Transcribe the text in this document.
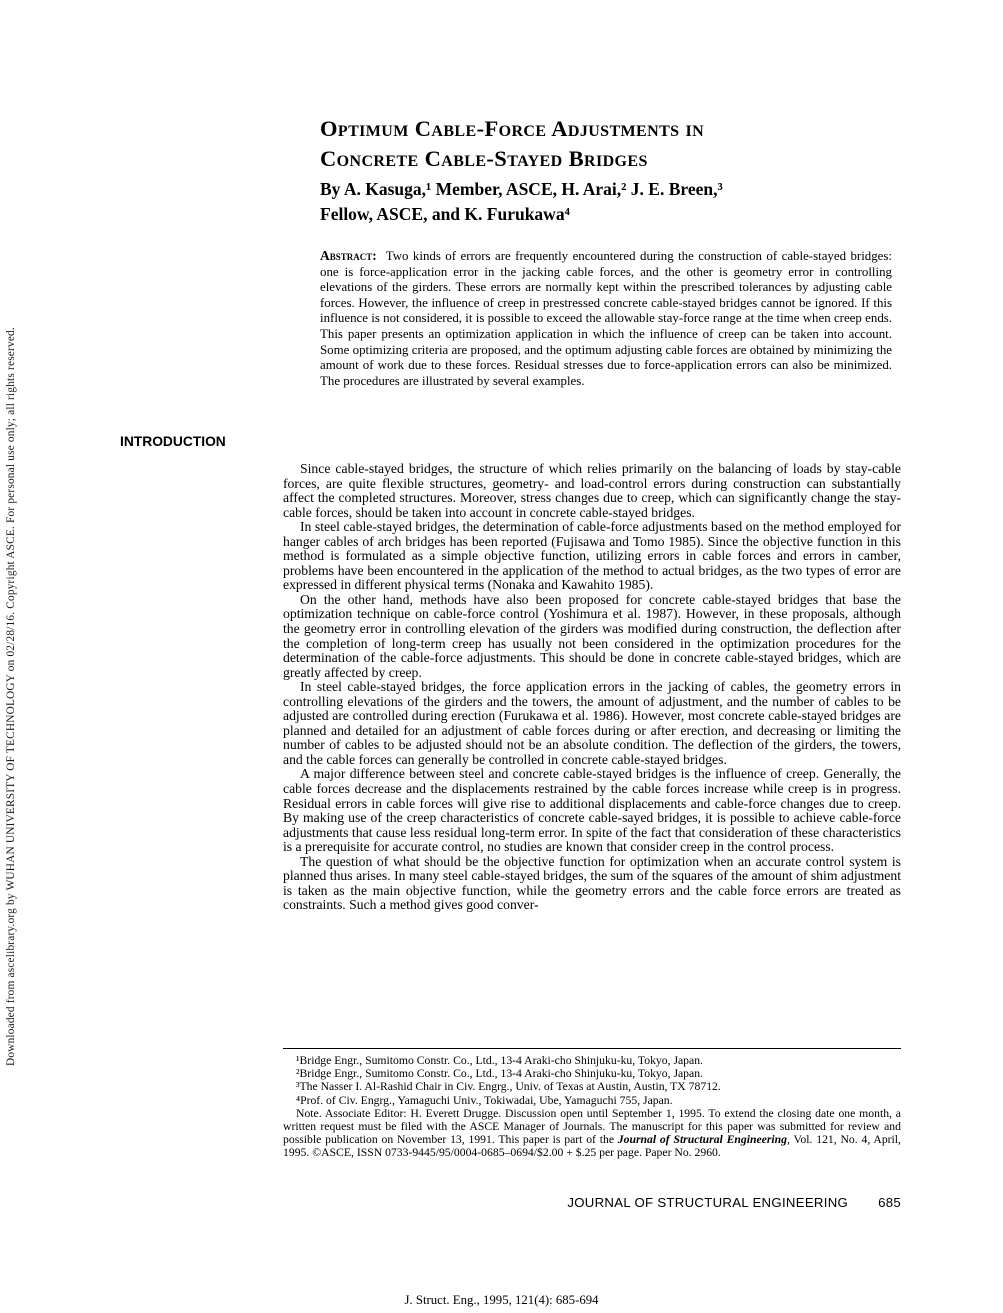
Downloaded from ascelibrary.org by WUHAN UNIVERSITY OF TECHNOLOGY on 02/28/16. Copyright ASCE. For personal use only; all rights reserved.
Optimum Cable-Force Adjustments in
Concrete Cable-Stayed Bridges
By A. Kasuga,¹ Member, ASCE, H. Arai,² J. E. Breen,³
Fellow, ASCE, and K. Furukawa⁴

Abstract: Two kinds of errors are frequently encountered during the construction of cable-stayed bridges: one is force-application error in the jacking cable forces, and the other is geometry error in controlling elevations of the girders. These errors are normally kept within the prescribed tolerances by adjusting cable forces. However, the influence of creep in prestressed concrete cable-stayed bridges cannot be ignored. If this influence is not considered, it is possible to exceed the allowable stay-force range at the time when creep ends. This paper presents an optimization application in which the influence of creep can be taken into account. Some optimizing criteria are proposed, and the optimum adjusting cable forces are obtained by minimizing the amount of work due to these forces. Residual stresses due to force-application errors can also be minimized. The procedures are illustrated by several examples.

INTRODUCTION

Since cable-stayed bridges, the structure of which relies primarily on the balancing of loads by stay-cable forces, are quite flexible structures, geometry- and load-control errors during construction can substantially affect the completed structures. Moreover, stress changes due to creep, which can significantly change the stay-cable forces, should be taken into account in concrete cable-stayed bridges.

In steel cable-stayed bridges, the determination of cable-force adjustments based on the method employed for hanger cables of arch bridges has been reported (Fujisawa and Tomo 1985). Since the objective function in this method is formulated as a simple objective function, utilizing errors in cable forces and errors in camber, problems have been encountered in the application of the method to actual bridges, as the two types of error are expressed in different physical terms (Nonaka and Kawahito 1985).

On the other hand, methods have also been proposed for concrete cable-stayed bridges that base the optimization technique on cable-force control (Yoshimura et al. 1987). However, in these proposals, although the geometry error in controlling elevation of the girders was modified during construction, the deflection after the completion of long-term creep has usually not been considered in the optimization procedures for the determination of the cable-force adjustments. This should be done in concrete cable-stayed bridges, which are greatly affected by creep.

In steel cable-stayed bridges, the force application errors in the jacking of cables, the geometry errors in controlling elevations of the girders and the towers, the amount of adjustment, and the number of cables to be adjusted are controlled during erection (Furukawa et al. 1986). However, most concrete cable-stayed bridges are planned and detailed for an adjustment of cable forces during or after erection, and decreasing or limiting the number of cables to be adjusted should not be an absolute condition. The deflection of the girders, the towers, and the cable forces can generally be controlled in concrete cable-stayed bridges.

A major difference between steel and concrete cable-stayed bridges is the influence of creep. Generally, the cable forces decrease and the displacements restrained by the cable forces increase while creep is in progress. Residual errors in cable forces will give rise to additional displacements and cable-force changes due to creep. By making use of the creep characteristics of concrete cable-sayed bridges, it is possible to achieve cable-force adjustments that cause less residual long-term error. In spite of the fact that consideration of these characteristics is a prerequisite for accurate control, no studies are known that consider creep in the control process.

The question of what should be the objective function for optimization when an accurate control system is planned thus arises. In many steel cable-stayed bridges, the sum of the squares of the amount of shim adjustment is taken as the main objective function, while the geometry errors and the cable force errors are treated as constraints. Such a method gives good conver-

¹Bridge Engr., Sumitomo Constr. Co., Ltd., 13-4 Araki-cho Shinjuku-ku, Tokyo, Japan.

²Bridge Engr., Sumitomo Constr. Co., Ltd., 13-4 Araki-cho Shinjuku-ku, Tokyo, Japan.

³The Nasser I. Al-Rashid Chair in Civ. Engrg., Univ. of Texas at Austin, Austin, TX 78712.

⁴Prof. of Civ. Engrg., Yamaguchi Univ., Tokiwadai, Ube, Yamaguchi 755, Japan.

Note. Associate Editor: H. Everett Drugge. Discussion open until September 1, 1995. To extend the closing date one month, a written request must be filed with the ASCE Manager of Journals. The manuscript for this paper was submitted for review and possible publication on November 13, 1991. This paper is part of the Journal of Structural Engineering, Vol. 121, No. 4, April, 1995. ©ASCE, ISSN 0733-9445/95/0004-0685–0694/$2.00 + $.25 per page. Paper No. 2960.

JOURNAL OF STRUCTURAL ENGINEERING 685
J. Struct. Eng., 1995, 121(4): 685-694
